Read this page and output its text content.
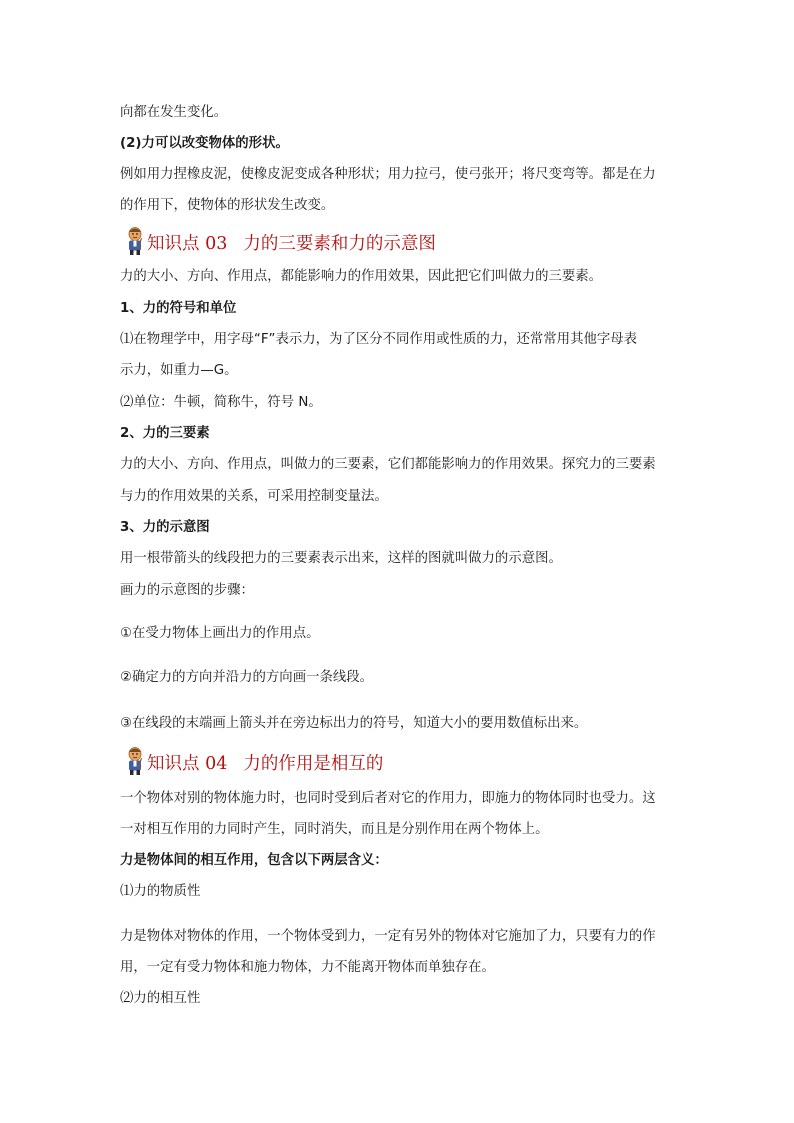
向都在发生变化。
(2)力可以改变物体的形状。
例如用力捏橡皮泥，使橡皮泥变成各种形状；用力拉弓，使弓张开；将尺变弯等。都是在力
的作用下，使物体的形状发生改变。
知识点 03 力的三要素和力的示意图
力的大小、方向、作用点，都能影响力的作用效果，因此把它们叫做力的三要素。
1、力的符号和单位
⑴在物理学中，用字母“F”表示力，为了区分不同作用或性质的力，还常常用其他字母表
示力，如重力—G。
⑵单位：牛顿，简称牛，符号 N。
2、力的三要素
力的大小、方向、作用点，叫做力的三要素，它们都能影响力的作用效果。探究力的三要素
与力的作用效果的关系，可采用控制变量法。
3、力的示意图
用一根带箭头的线段把力的三要素表示出来，这样的图就叫做力的示意图。
画力的示意图的步骤：
①在受力物体上画出力的作用点。
②确定力的方向并沿力的方向画一条线段。
③在线段的末端画上箭头并在旁边标出力的符号，知道大小的要用数值标出来。
知识点 04 力的作用是相互的
一个物体对别的物体施力时，也同时受到后者对它的作用力，即施力的物体同时也受力。这
一对相互作用的力同时产生，同时消失，而且是分别作用在两个物体上。
力是物体间的相互作用，包含以下两层含义：
⑴力的物质性
力是物体对物体的作用，一个物体受到力，一定有另外的物体对它施加了力，只要有力的作
用，一定有受力物体和施力物体，力不能离开物体而单独存在。
⑵力的相互性
